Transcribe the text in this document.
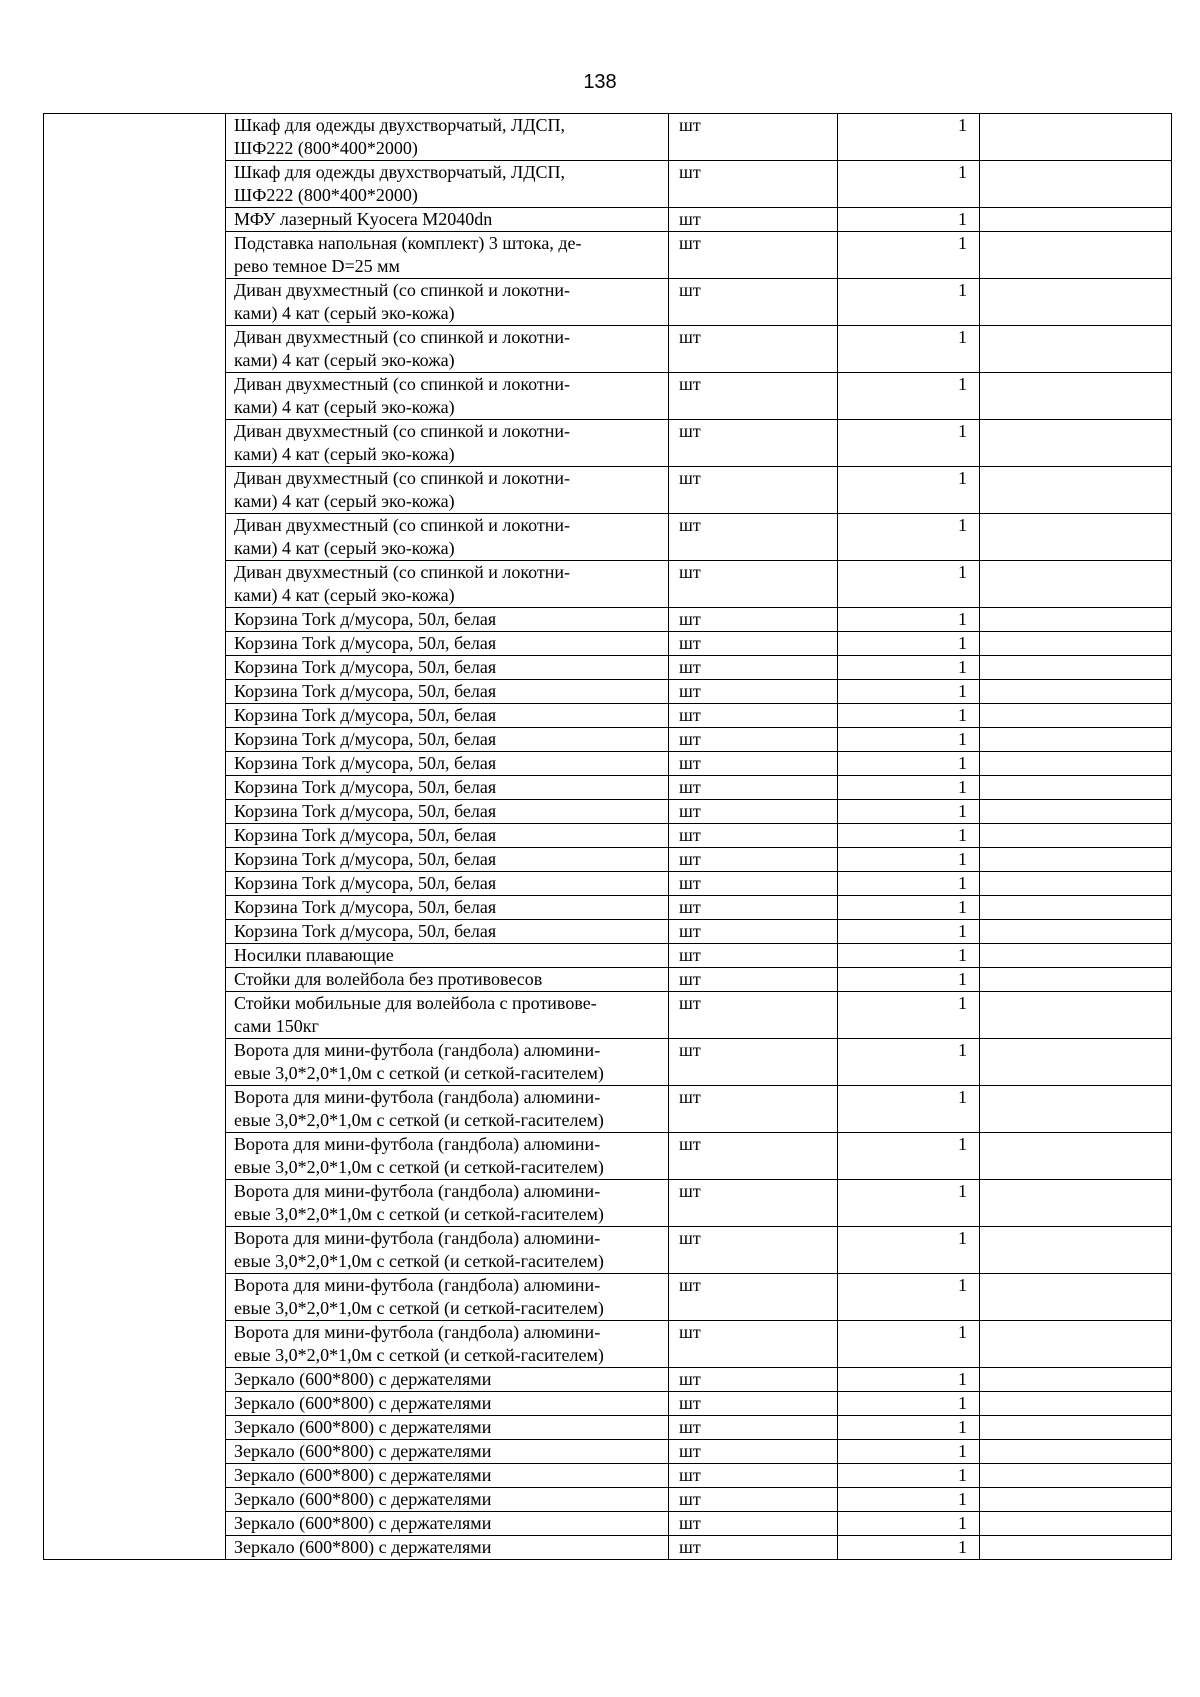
138
	Шкаф для одежды двухстворчатый, ЛДСП,
ШФ222 (800*400*2000)	шт	1	
	Шкаф для одежды двухстворчатый, ЛДСП,
ШФ222 (800*400*2000)	шт	1	
	МФУ лазерный Kyocera M2040dn	шт	1	
	Подставка напольная (комплект) 3 штока, де-
рево темное D=25 мм	шт	1	
	Диван двухместный (со спинкой и локотни-
ками) 4 кат (серый эко-кожа)	шт	1	
	Диван двухместный (со спинкой и локотни-
ками) 4 кат (серый эко-кожа)	шт	1	
	Диван двухместный (со спинкой и локотни-
ками) 4 кат (серый эко-кожа)	шт	1	
	Диван двухместный (со спинкой и локотни-
ками) 4 кат (серый эко-кожа)	шт	1	
	Диван двухместный (со спинкой и локотни-
ками) 4 кат (серый эко-кожа)	шт	1	
	Диван двухместный (со спинкой и локотни-
ками) 4 кат (серый эко-кожа)	шт	1	
	Диван двухместный (со спинкой и локотни-
ками) 4 кат (серый эко-кожа)	шт	1	
	Корзина Tork д/мусора, 50л, белая	шт	1	
	Корзина Tork д/мусора, 50л, белая	шт	1	
	Корзина Tork д/мусора, 50л, белая	шт	1	
	Корзина Tork д/мусора, 50л, белая	шт	1	
	Корзина Tork д/мусора, 50л, белая	шт	1	
	Корзина Tork д/мусора, 50л, белая	шт	1	
	Корзина Tork д/мусора, 50л, белая	шт	1	
	Корзина Tork д/мусора, 50л, белая	шт	1	
	Корзина Tork д/мусора, 50л, белая	шт	1	
	Корзина Tork д/мусора, 50л, белая	шт	1	
	Корзина Tork д/мусора, 50л, белая	шт	1	
	Корзина Tork д/мусора, 50л, белая	шт	1	
	Корзина Tork д/мусора, 50л, белая	шт	1	
	Корзина Tork д/мусора, 50л, белая	шт	1	
	Носилки плавающие	шт	1	
	Стойки для волейбола без противовесов	шт	1	
	Стойки мобильные для волейбола с противове-
сами 150кг	шт	1	
	Ворота для мини-футбола (гандбола) алюмини-
евые 3,0*2,0*1,0м с сеткой (и сеткой-гасителем)	шт	1	
	Ворота для мини-футбола (гандбола) алюмини-
евые 3,0*2,0*1,0м с сеткой (и сеткой-гасителем)	шт	1	
	Ворота для мини-футбола (гандбола) алюмини-
евые 3,0*2,0*1,0м с сеткой (и сеткой-гасителем)	шт	1	
	Ворота для мини-футбола (гандбола) алюмини-
евые 3,0*2,0*1,0м с сеткой (и сеткой-гасителем)	шт	1	
	Ворота для мини-футбола (гандбола) алюмини-
евые 3,0*2,0*1,0м с сеткой (и сеткой-гасителем)	шт	1	
	Ворота для мини-футбола (гандбола) алюмини-
евые 3,0*2,0*1,0м с сеткой (и сеткой-гасителем)	шт	1	
	Ворота для мини-футбола (гандбола) алюмини-
евые 3,0*2,0*1,0м с сеткой (и сеткой-гасителем)	шт	1	
	Зеркало (600*800) с держателями	шт	1	
	Зеркало (600*800) с держателями	шт	1	
	Зеркало (600*800) с держателями	шт	1	
	Зеркало (600*800) с держателями	шт	1	
	Зеркало (600*800) с держателями	шт	1	
	Зеркало (600*800) с держателями	шт	1	
	Зеркало (600*800) с держателями	шт	1	
	Зеркало (600*800) с держателями	шт	1	
